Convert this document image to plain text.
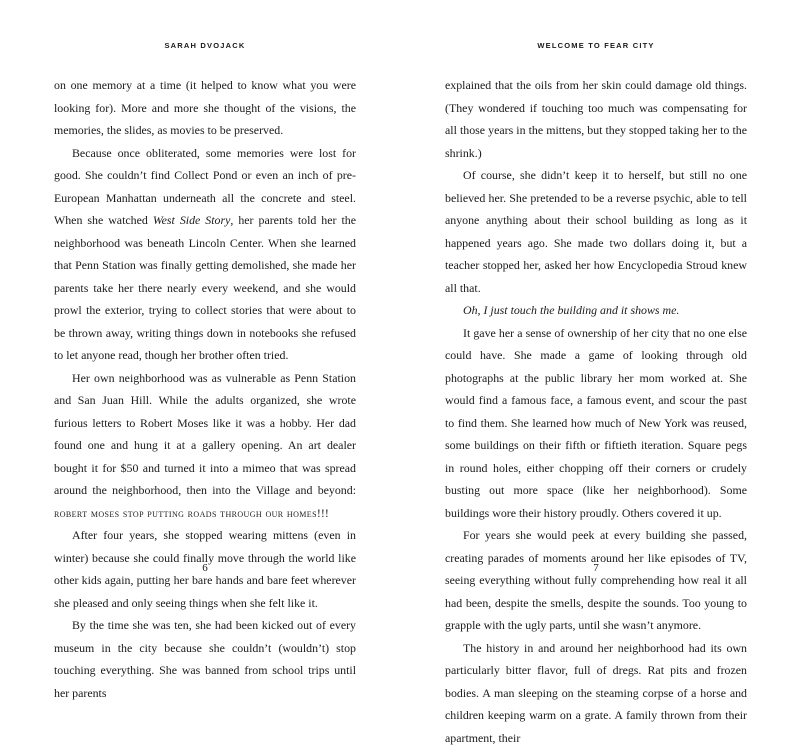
SARAH DVOJACK

on one memory at a time (it helped to know what you were looking for). More and more she thought of the visions, the memories, the slides, as movies to be preserved.

Because once obliterated, some memories were lost for good. She couldn’t find Collect Pond or even an inch of pre-European Manhattan underneath all the concrete and steel. When she watched West Side Story, her parents told her the neighborhood was beneath Lincoln Center. When she learned that Penn Station was finally getting demolished, she made her parents take her there nearly every weekend, and she would prowl the exterior, trying to collect stories that were about to be thrown away, writing things down in notebooks she refused to let anyone read, though her brother often tried.

Her own neighborhood was as vulnerable as Penn Station and San Juan Hill. While the adults organized, she wrote furious letters to Robert Moses like it was a hobby. Her dad found one and hung it at a gallery opening. An art dealer bought it for $50 and turned it into a mimeo that was spread around the neighborhood, then into the Village and beyond: robert moses stop putting roads through our homes!!!

After four years, she stopped wearing mittens (even in winter) because she could finally move through the world like other kids again, putting her bare hands and bare feet wherever she pleased and only seeing things when she felt like it.

By the time she was ten, she had been kicked out of every museum in the city because she couldn’t (wouldn’t) stop touching everything. She was banned from school trips until her parents

6
WELCOME TO FEAR CITY

explained that the oils from her skin could damage old things. (They wondered if touching too much was compensating for all those years in the mittens, but they stopped taking her to the shrink.)

Of course, she didn’t keep it to herself, but still no one believed her. She pretended to be a reverse psychic, able to tell anyone anything about their school building as long as it happened years ago. She made two dollars doing it, but a teacher stopped her, asked her how Encyclopedia Stroud knew all that.

Oh, I just touch the building and it shows me.

It gave her a sense of ownership of her city that no one else could have. She made a game of looking through old photographs at the public library her mom worked at. She would find a famous face, a famous event, and scour the past to find them. She learned how much of New York was reused, some buildings on their fifth or fiftieth iteration. Square pegs in round holes, either chopping off their corners or crudely busting out more space (like her neighborhood). Some buildings wore their history proudly. Others covered it up.

For years she would peek at every building she passed, creating parades of moments around her like episodes of TV, seeing everything without fully comprehending how real it all had been, despite the smells, despite the sounds. Too young to grapple with the ugly parts, until she wasn’t anymore.

The history in and around her neighborhood had its own particularly bitter flavor, full of dregs. Rat pits and frozen bodies. A man sleeping on the steaming corpse of a horse and children keeping warm on a grate. A family thrown from their apartment, their

7
